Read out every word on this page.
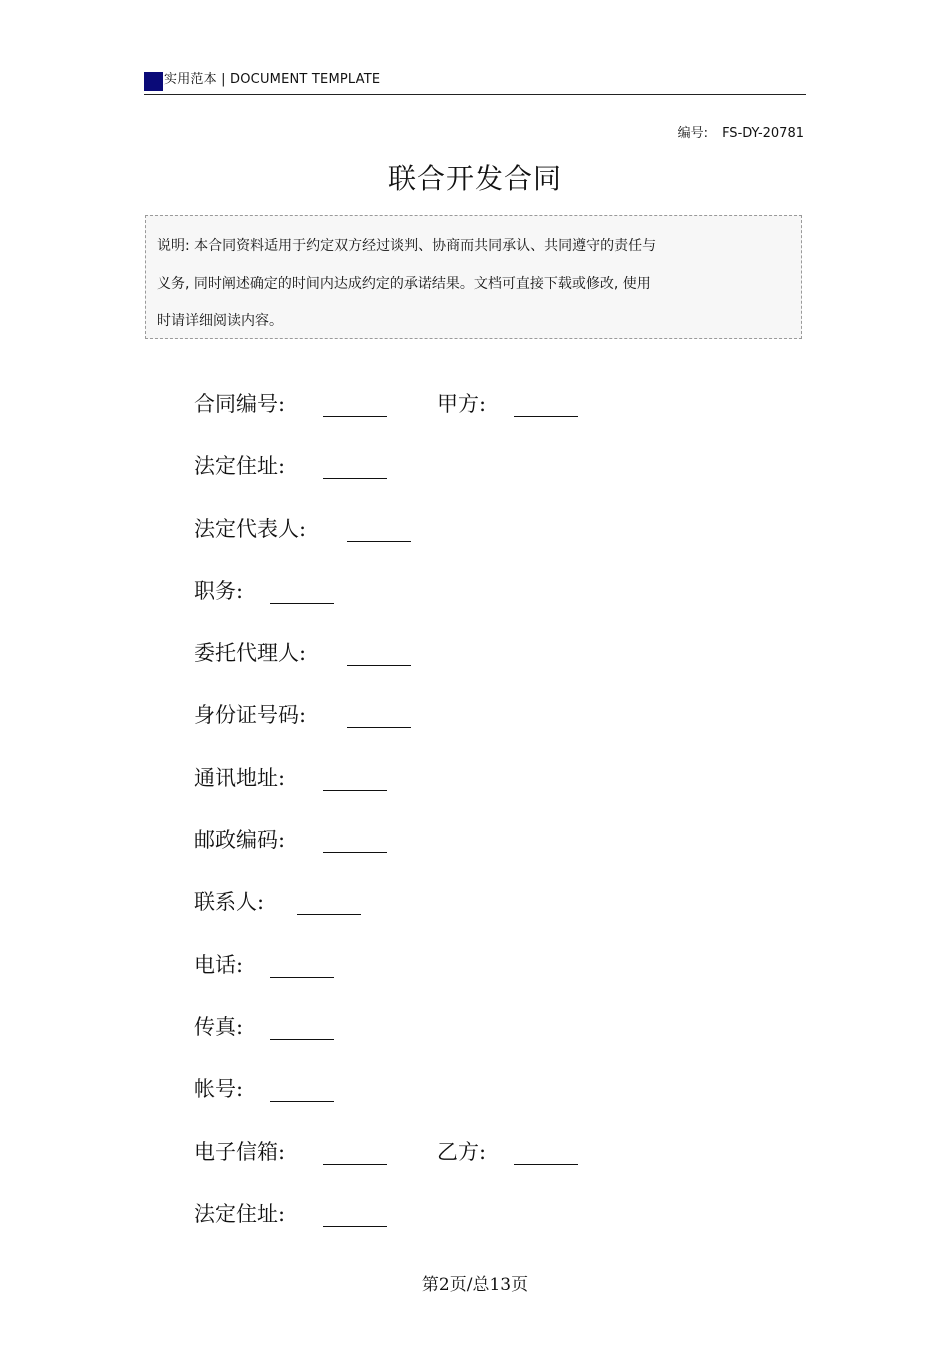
实用范本 | DOCUMENT TEMPLATE
编号: FS-DY-20781
联合开发合同
说明: 本合同资料适用于约定双方经过谈判、协商而共同承认、共同遵守的责任与
义务, 同时阐述确定的时间内达成约定的承诺结果。文档可直接下载或修改, 使用
时请详细阅读内容。
合同编号:	甲方:
法定住址:
法定代表人:
职务:
委托代理人:
身份证号码:
通讯地址:
邮政编码:
联系人:
电话:
传真:
帐号:
电子信箱:	乙方:
法定住址:
第2页/总13页
